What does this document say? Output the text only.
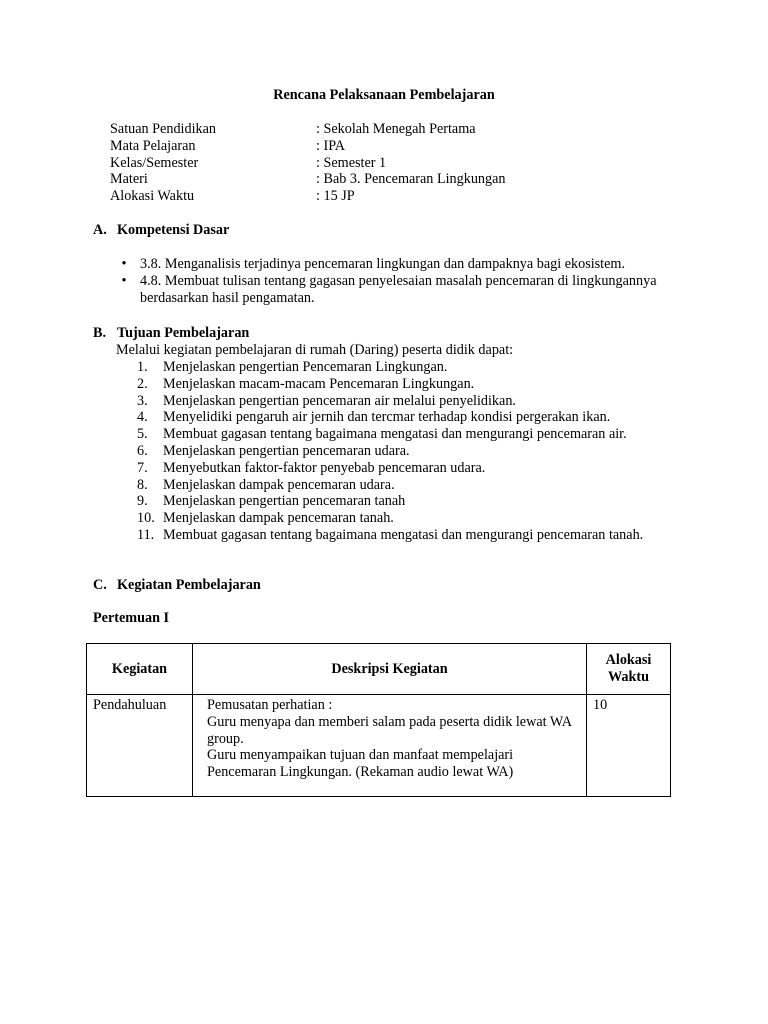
Rencana Pelaksanaan Pembelajaran
Satuan Pendidikan	: Sekolah Menegah Pertama
Mata Pelajaran	: IPA
Kelas/Semester	: Semester 1
Materi	: Bab 3. Pencemaran Lingkungan
Alokasi Waktu	: 15 JP
A. Kompetensi Dasar
• 3.8. Menganalisis terjadinya pencemaran lingkungan dan dampaknya bagi ekosistem.
• 4.8. Membuat tulisan tentang gagasan penyelesaian masalah pencemaran di lingkungannya berdasarkan hasil pengamatan.
B. Tujuan Pembelajaran
Melalui kegiatan pembelajaran di rumah (Daring) peserta didik dapat:
1. Menjelaskan pengertian Pencemaran Lingkungan.
2. Menjelaskan macam-macam Pencemaran Lingkungan.
3. Menjelaskan pengertian pencemaran air melalui penyelidikan.
4. Menyelidiki pengaruh air jernih dan tercmar terhadap kondisi pergerakan ikan.
5. Membuat gagasan tentang bagaimana mengatasi dan mengurangi pencemaran air.
6. Menjelaskan pengertian pencemaran udara.
7. Menyebutkan faktor-faktor penyebab pencemaran udara.
8. Menjelaskan dampak pencemaran udara.
9. Menjelaskan pengertian pencemaran tanah
10. Menjelaskan dampak pencemaran tanah.
11. Membuat gagasan tentang bagaimana mengatasi dan mengurangi pencemaran tanah.
C. Kegiatan Pembelajaran
Pertemuan I
Kegiatan	Deskripsi Kegiatan	Alokasi
Waktu

Pendahuluan	Pemusatan perhatian :
Guru menyapa dan memberi salam pada peserta didik lewat WA group.
Guru menyampaikan tujuan dan manfaat mempelajari Pencemaran Lingkungan. (Rekaman audio lewat WA)	10
